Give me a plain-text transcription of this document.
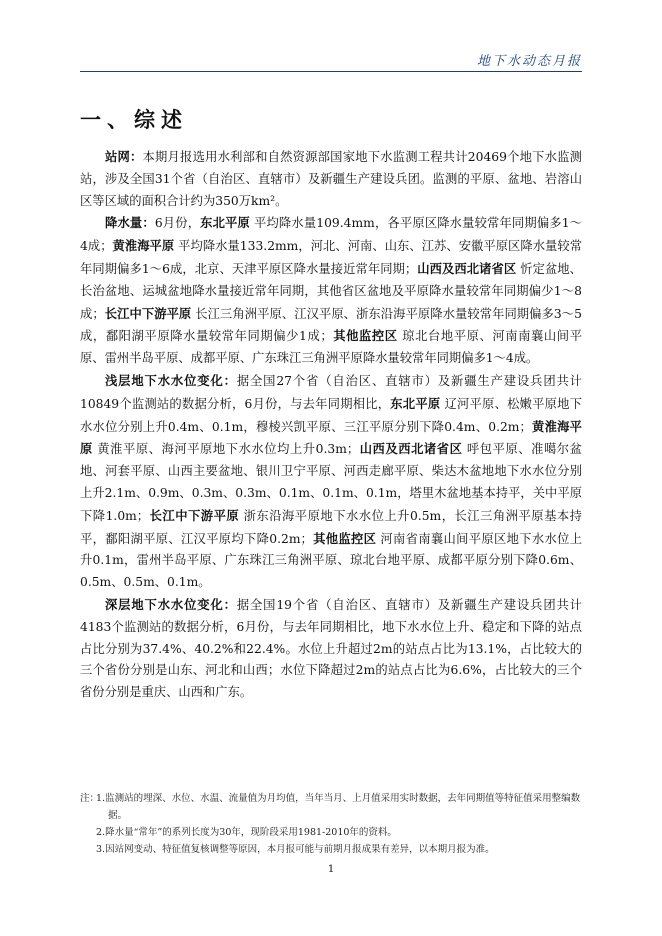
地下水动态月报
一、综述

站网：本期月报选用水利部和自然资源部国家地下水监测工程共计20469个地下水监测站，涉及全国31个省（自治区、直辖市）及新疆生产建设兵团。监测的平原、盆地、岩溶山区等区域的面积合计约为350万km²。

降水量：6月份，东北平原 平均降水量109.4mm，各平原区降水量较常年同期偏多1～4成；黄淮海平原 平均降水量133.2mm，河北、河南、山东、江苏、安徽平原区降水量较常年同期偏多1～6成，北京、天津平原区降水量接近常年同期；山西及西北诸省区 忻定盆地、长治盆地、运城盆地降水量接近常年同期，其他省区盆地及平原降水量较常年同期偏少1～8成；长江中下游平原 长江三角洲平原、江汉平原、浙东沿海平原降水量较常年同期偏多3～5成，鄱阳湖平原降水量较常年同期偏少1成；其他监控区 琼北台地平原、河南南襄山间平原、雷州半岛平原、成都平原、广东珠江三角洲平原降水量较常年同期偏多1～4成。

浅层地下水水位变化：据全国27个省（自治区、直辖市）及新疆生产建设兵团共计10849个监测站的数据分析，6月份，与去年同期相比，东北平原 辽河平原、松嫩平原地下水水位分别上升0.4m、0.1m，穆棱兴凯平原、三江平原分别下降0.4m、0.2m；黄淮海平原 黄淮平原、海河平原地下水水位均上升0.3m；山西及西北诸省区 呼包平原、准噶尔盆地、河套平原、山西主要盆地、银川卫宁平原、河西走廊平原、柴达木盆地地下水水位分别上升2.1m、0.9m、0.3m、0.3m、0.1m、0.1m、0.1m，塔里木盆地基本持平，关中平原下降1.0m；长江中下游平原 浙东沿海平原地下水水位上升0.5m，长江三角洲平原基本持平，鄱阳湖平原、江汉平原均下降0.2m；其他监控区 河南省南襄山间平原区地下水水位上升0.1m，雷州半岛平原、广东珠江三角洲平原、琼北台地平原、成都平原分别下降0.6m、0.5m、0.5m、0.1m。

深层地下水水位变化：据全国19个省（自治区、直辖市）及新疆生产建设兵团共计4183个监测站的数据分析，6月份，与去年同期相比，地下水水位上升、稳定和下降的站点占比分别为37.4%、40.2%和22.4%。水位上升超过2m的站点占比为13.1%，占比较大的三个省份分别是山东、河北和山西；水位下降超过2m的站点占比为6.6%，占比较大的三个省份分别是重庆、山西和广东。

注：
1.监测站的埋深、水位、水温、流量值为月均值，当年当月、上月值采用实时数据，去年同期值等特征值采用整编数据。
2.降水量“常年”的系列长度为30年，现阶段采用1981-2010年的资料。
3.因站网变动、特征值复核调整等原因，本月报可能与前期月报成果有差异，以本期月报为准。
1
